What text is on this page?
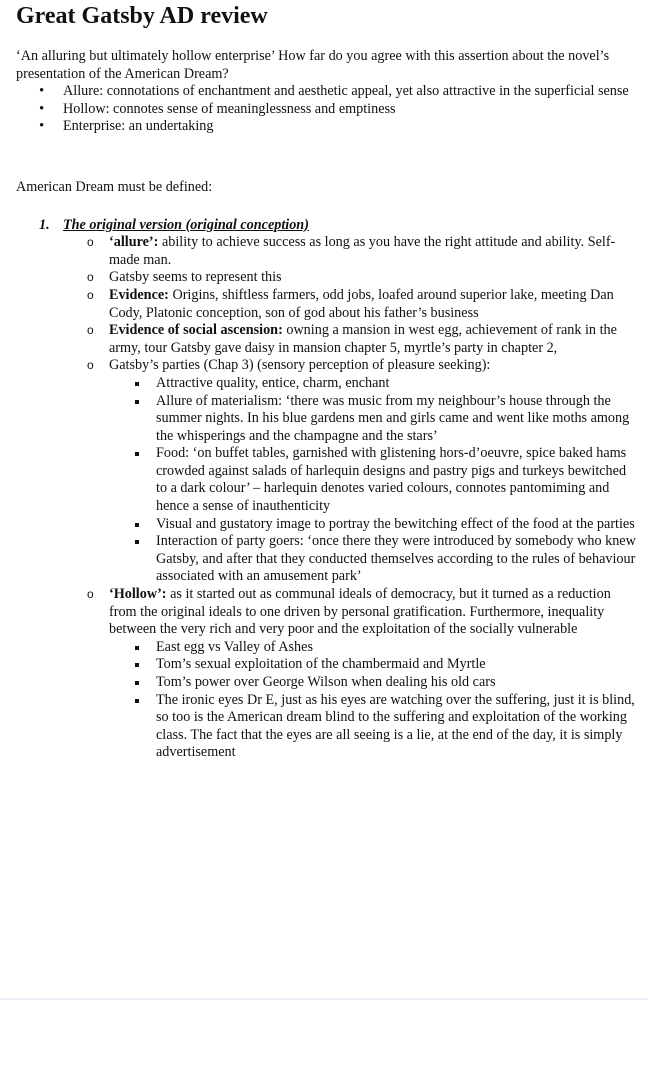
Great Gatsby AD review

‘An alluring but ultimately hollow enterprise’ How far do you agree with this assertion about the novel’s presentation of the American Dream?

• Allure: connotations of enchantment and aesthetic appeal, yet also attractive in the superficial sense
• Hollow: connotes sense of meaninglessness and emptiness
• Enterprise: an undertaking

American Dream must be defined:

1. The original version (original conception)
o ‘allure’: ability to achieve success as long as you have the right attitude and ability. Self-made man.
o Gatsby seems to represent this
o Evidence: Origins, shiftless farmers, odd jobs, loafed around superior lake, meeting Dan Cody, Platonic conception, son of god about his father’s business
o Evidence of social ascension: owning a mansion in west egg, achievement of rank in the army, tour Gatsby gave daisy in mansion chapter 5, myrtle’s party in chapter 2,
o Gatsby’s parties (Chap 3) (sensory perception of pleasure seeking):
Attractive quality, entice, charm, enchant
Allure of materialism: ‘there was music from my neighbour’s house through the summer nights. In his blue gardens men and girls came and went like moths among the whisperings and the champagne and the stars’
Food: ‘on buffet tables, garnished with glistening hors-d’oeuvre, spice baked hams crowded against salads of harlequin designs and pastry pigs and turkeys bewitched to a dark colour’ – harlequin denotes varied colours, connotes pantomiming and hence a sense of inauthenticity
Visual and gustatory image to portray the bewitching effect of the food at the parties
Interaction of party goers: ‘once there they were introduced by somebody who knew Gatsby, and after that they conducted themselves according to the rules of behaviour associated with an amusement park’
o ‘Hollow’: as it started out as communal ideals of democracy, but it turned as a reduction from the original ideals to one driven by personal gratification. Furthermore, inequality between the very rich and very poor and the exploitation of the socially vulnerable
East egg vs Valley of Ashes
Tom’s sexual exploitation of the chambermaid and Myrtle
Tom’s power over George Wilson when dealing his old cars
The ironic eyes Dr E, just as his eyes are watching over the suffering, just it is blind, so too is the American dream blind to the suffering and exploitation of the working class. The fact that the eyes are all seeing is a lie, at the end of the day, it is simply advertisement
